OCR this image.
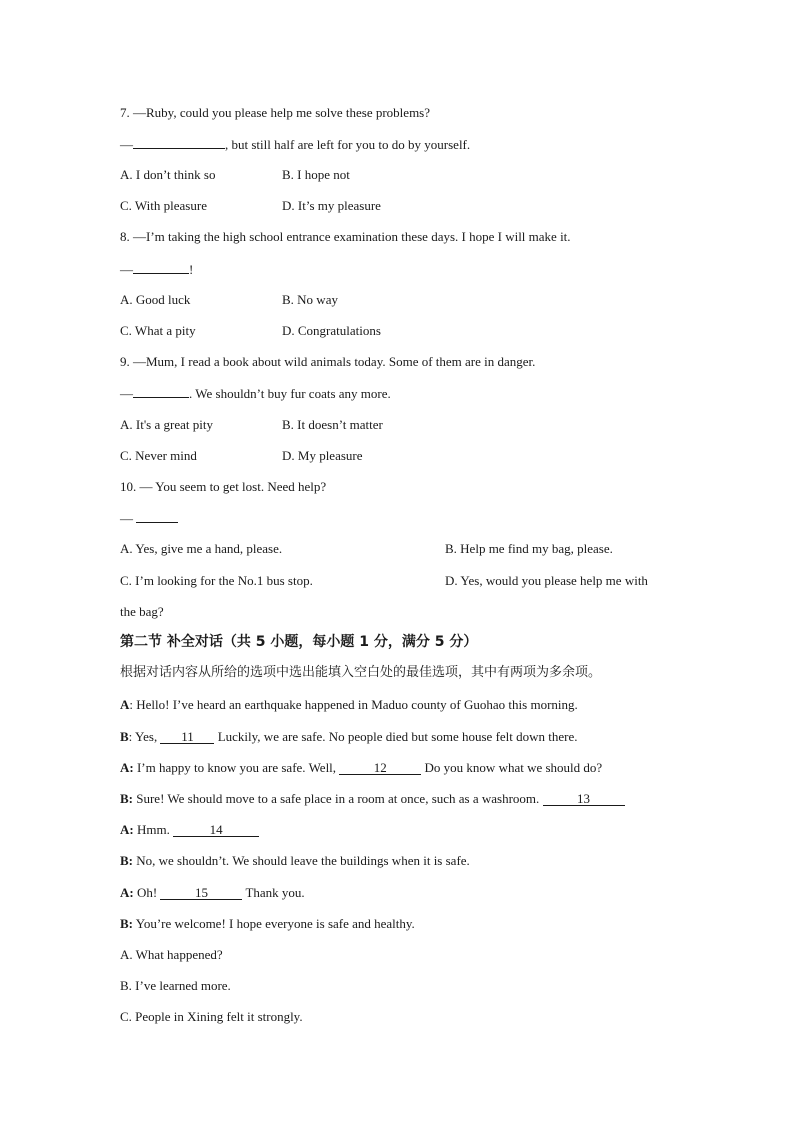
7. —Ruby, could you please help me solve these problems?
—	, but still half are left for you to do by yourself.
A. I don’t think so	B. I hope not
C. With pleasure	D. It’s my pleasure
8. —I’m taking the high school entrance examination these days. I hope I will make it.
—	!
A. Good luck	B. No way
C. What a pity	D. Congratulations
9. —Mum, I read a book about wild animals today. Some of them are in danger.
—	. We shouldn’t buy fur coats any more.
A. It's a great pity	B. It doesn’t matter
C. Never mind	D. My pleasure
10. — You seem to get lost. Need help?
—
A. Yes, give me a hand, please.	B. Help me find my bag, please.
C. I’m looking for the No.1 bus stop.	D. Yes, would you please help me with
the bag?
第二节 补全对话（共 5 小题，每小题 1 分，满分 5 分）
根据对话内容从所给的选项中选出能填入空白处的最佳选项，其中有两项为多余项。
A: Hello! I’ve heard an earthquake happened in Maduo county of Guohao this morning.
B: Yes, 11 Luckily, we are safe. No people died but some house felt down there.
A: I’m happy to know you are safe. Well,	12	Do you know what we should do?
B: Sure! We should move to a safe place in a room at once, such as a washroom.	13
A: Hmm.	14
B: No, we shouldn’t. We should leave the buildings when it is safe.
A: Oh!	15	Thank you.
B: You’re welcome! I hope everyone is safe and healthy.
A. What happened?
B. I’ve learned more.
C. People in Xining felt it strongly.
